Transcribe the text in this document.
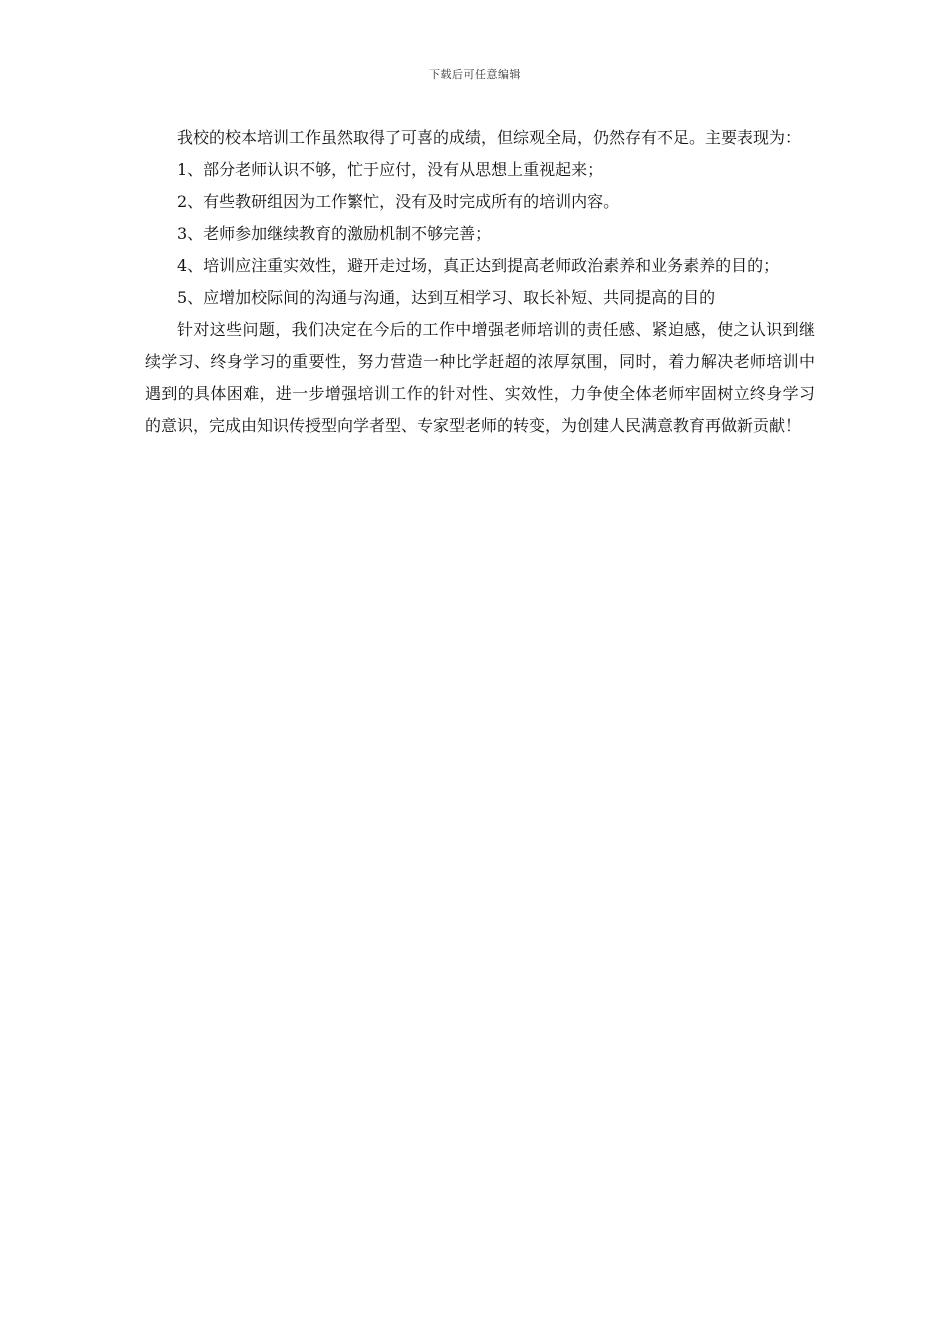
下载后可任意编辑

我校的校本培训工作虽然取得了可喜的成绩，但综观全局，仍然存有不足。主要表现为：

1、部分老师认识不够，忙于应付，没有从思想上重视起来；

2、有些教研组因为工作繁忙，没有及时完成所有的培训内容。

3、老师参加继续教育的激励机制不够完善；

4、培训应注重实效性，避开走过场，真正达到提高老师政治素养和业务素养的目的；

5、应增加校际间的沟通与沟通，达到互相学习、取长补短、共同提高的目的

针对这些问题，我们决定在今后的工作中增强老师培训的责任感、紧迫感，使之认识到继续学习、终身学习的重要性，努力营造一种比学赶超的浓厚氛围，同时，着力解决老师培训中遇到的具体困难，进一步增强培训工作的针对性、实效性，力争使全体老师牢固树立终身学习的意识，完成由知识传授型向学者型、专家型老师的转变，为创建人民满意教育再做新贡献！
